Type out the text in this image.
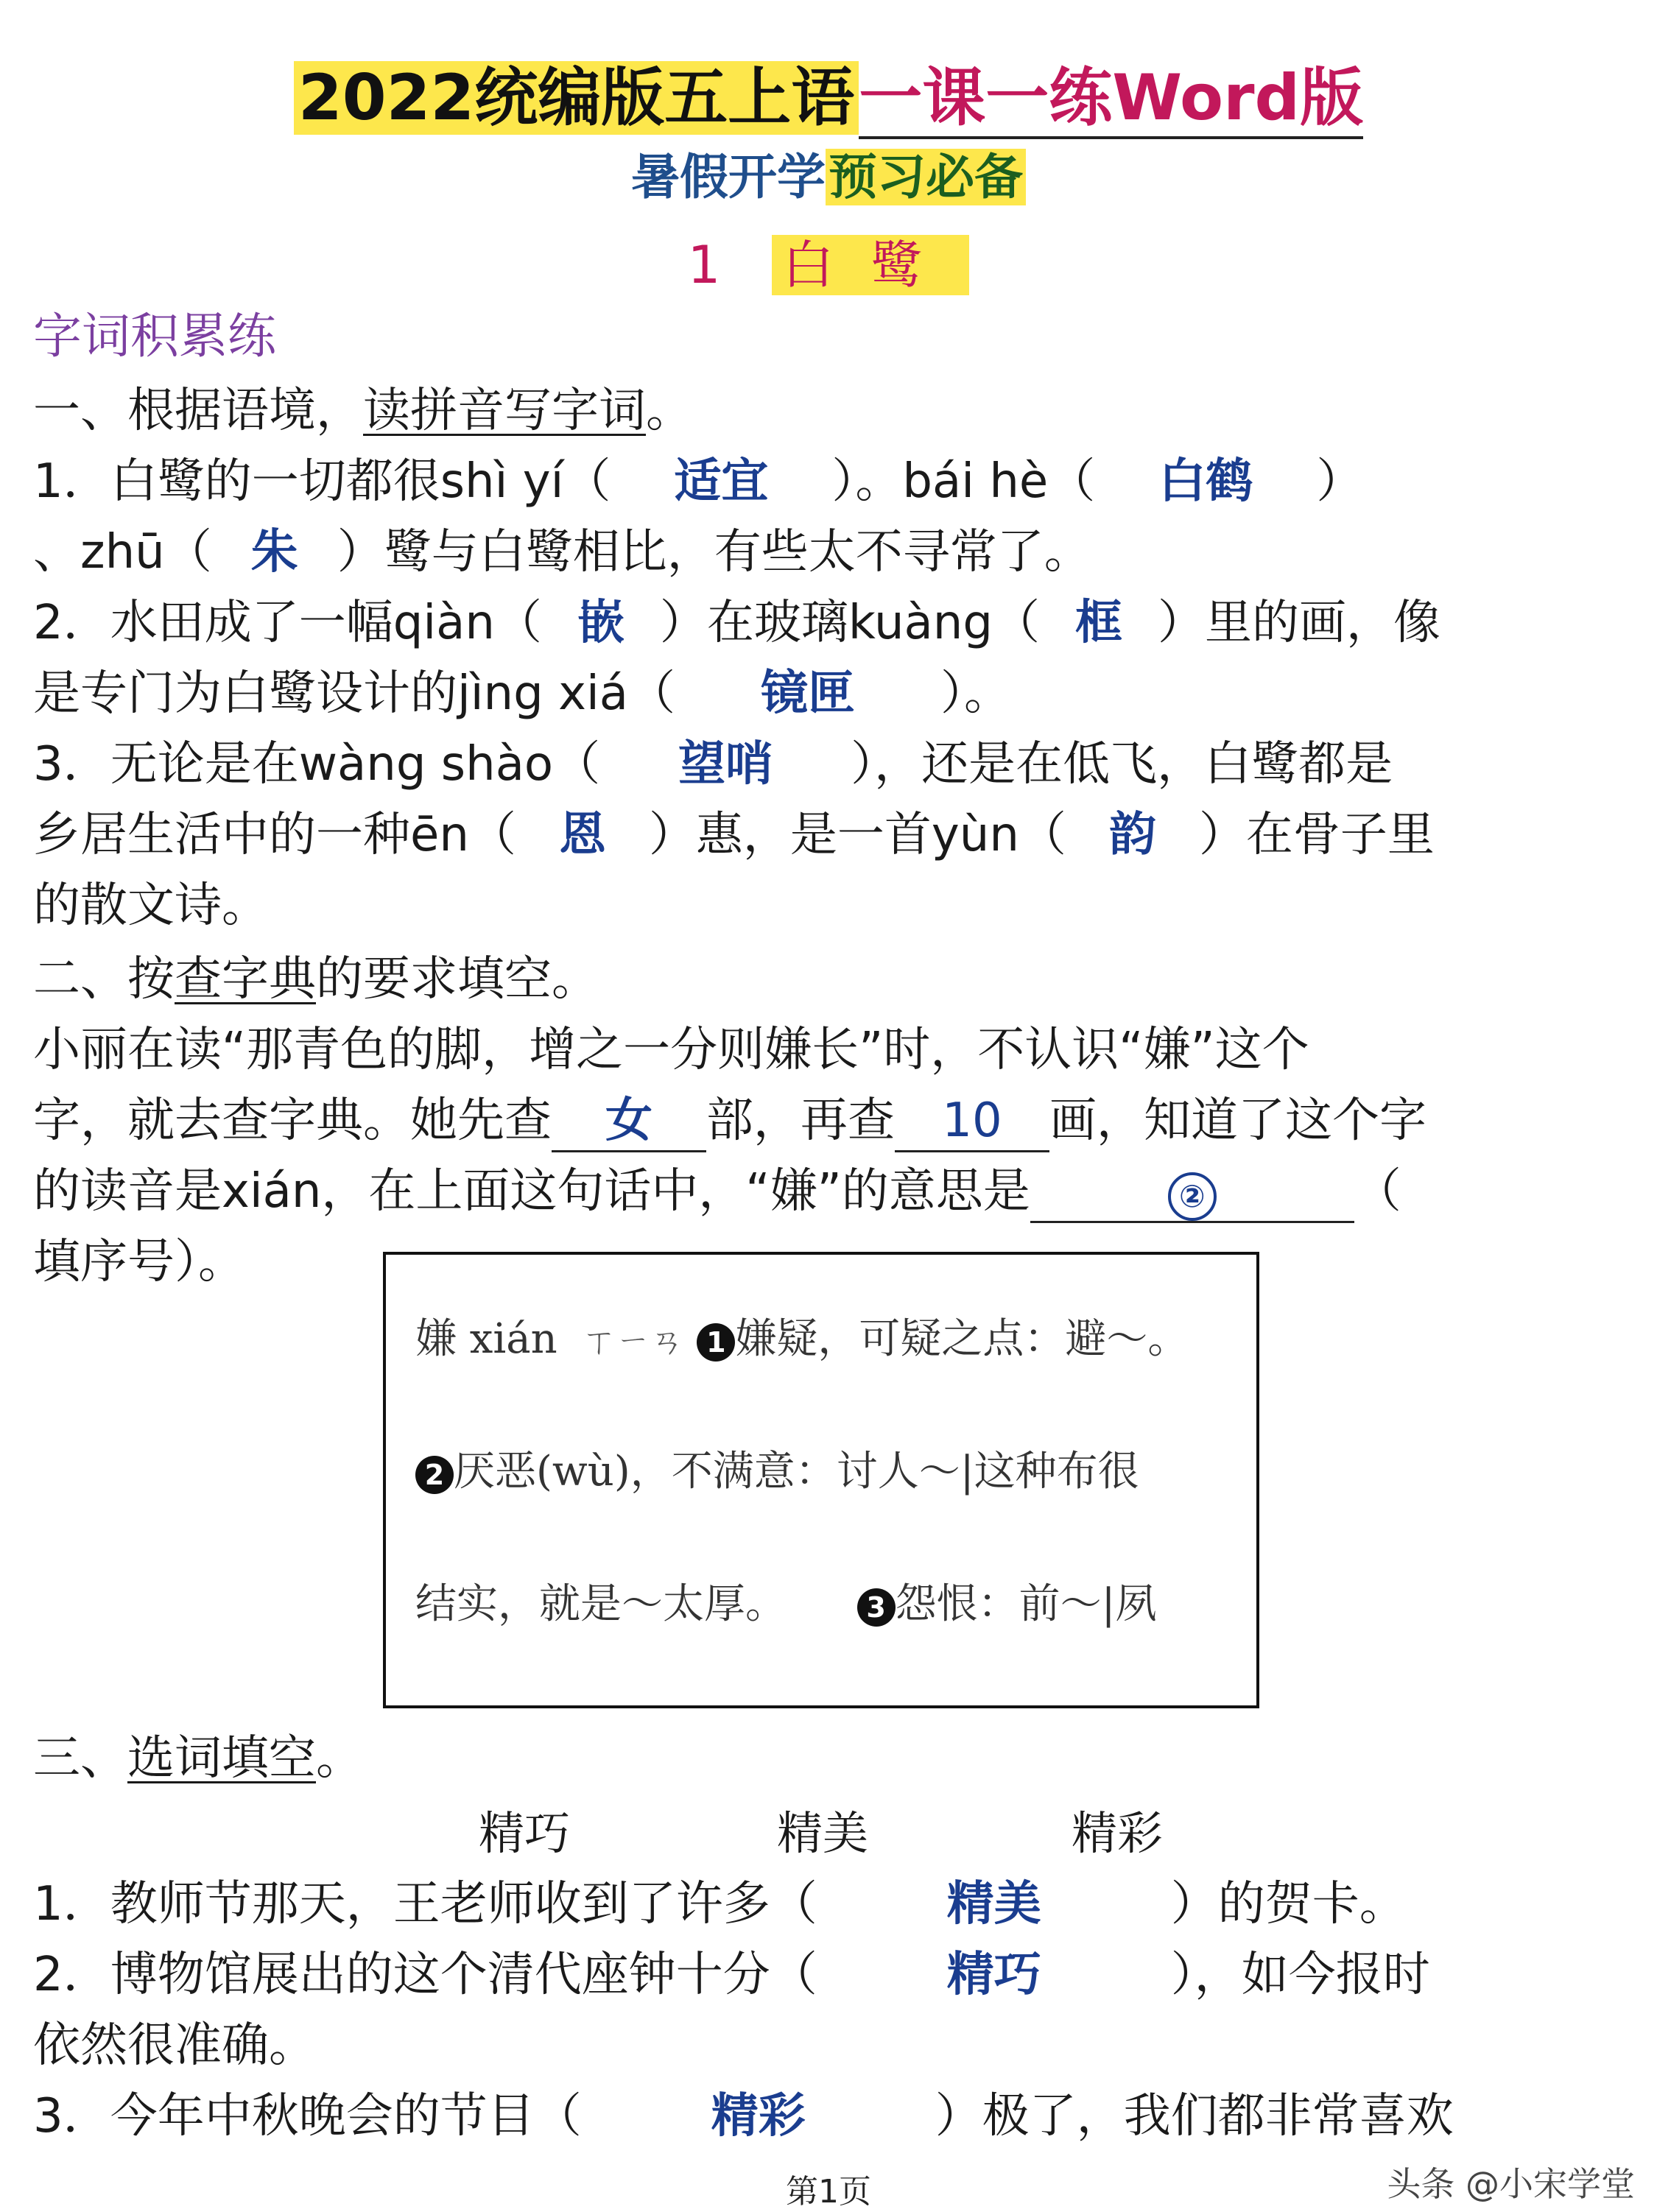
2022统编版五上语一课一练Word版
暑假开学预习必备
1 白鹭
字词积累练
一、根据语境，读拼音写字词。
1．白鹭的一切都很shì yí（ 适宜 ）。bái hè（ 白鹤 ）
、zhū（ 朱 ）鹭与白鹭相比，有些太不寻常了。
2．水田成了一幅qiàn（ 嵌 ）在玻璃kuàng（ 框 ）里的画，像
是专门为白鹭设计的jìng xiá（ 镜匣 ）。
3．无论是在wàng shào（ 望哨 ），还是在低飞，白鹭都是
乡居生活中的一种ēn（ 恩 ）惠，是一首yùn（ 韵 ）在骨子里
的散文诗。
二、按查字典的要求填空。
小丽在读“那青色的脚，增之一分则嫌长”时，不认识“嫌”这个
字，就去查字典。她先查 女 部，再查 10 画，知道了这个字
的读音是xián，在上面这句话中，“嫌”的意思是	②	（
填序号）。
嫌 xián ㄒㄧㄢ 1 嫌疑，可疑之点：避～。
2 厌恶(wù)，不满意：讨人～|这种布很
结实，就是～太厚。	3 怨恨：前～|夙
三、选词填空。
精巧	精美	精彩
1．教师节那天，王老师收到了许多（	精美	）的贺卡。
2．博物馆展出的这个清代座钟十分（	精巧	），如今报时
依然很准确。
3．今年中秋晚会的节目（	精彩	）极了，我们都非常喜欢
第1页	头条 @小宋学堂
